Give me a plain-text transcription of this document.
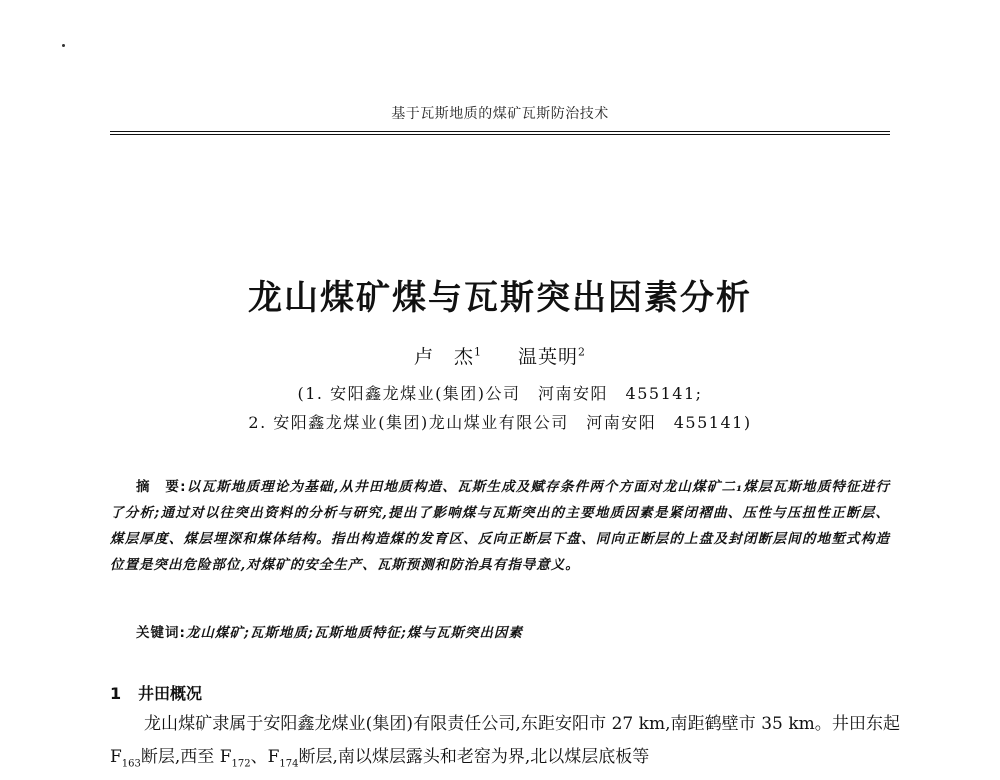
基于瓦斯地质的煤矿瓦斯防治技术
龙山煤矿煤与瓦斯突出因素分析
卢　杰$^1$ 温英明$^2$
(1. 安阳鑫龙煤业(集团)公司　河南安阳　455141;
2. 安阳鑫龙煤业(集团)龙山煤业有限公司　河南安阳　455141)
摘　要:以瓦斯地质理论为基础,从井田地质构造、瓦斯生成及赋存条件两个方面对龙山煤矿二₁煤层瓦斯地质特征进行了分析;通过对以往突出资料的分析与研究,提出了影响煤与瓦斯突出的主要地质因素是紧闭褶曲、压性与压扭性正断层、煤层厚度、煤层埋深和煤体结构。指出构造煤的发育区、反向正断层下盘、同向正断层的上盘及封闭断层间的地堑式构造位置是突出危险部位,对煤矿的安全生产、瓦斯预测和防治具有指导意义。
关键词:龙山煤矿;瓦斯地质;瓦斯地质特征;煤与瓦斯突出因素
1 井田概况
龙山煤矿隶属于安阳鑫龙煤业(集团)有限责任公司,东距安阳市 27 km,南距鹤壁市 35 km。井田东起 $F_{163}$断层,西至 $F_{172}$、$F_{174}$断层,南以煤层露头和老窑为界,北以煤层底板等
